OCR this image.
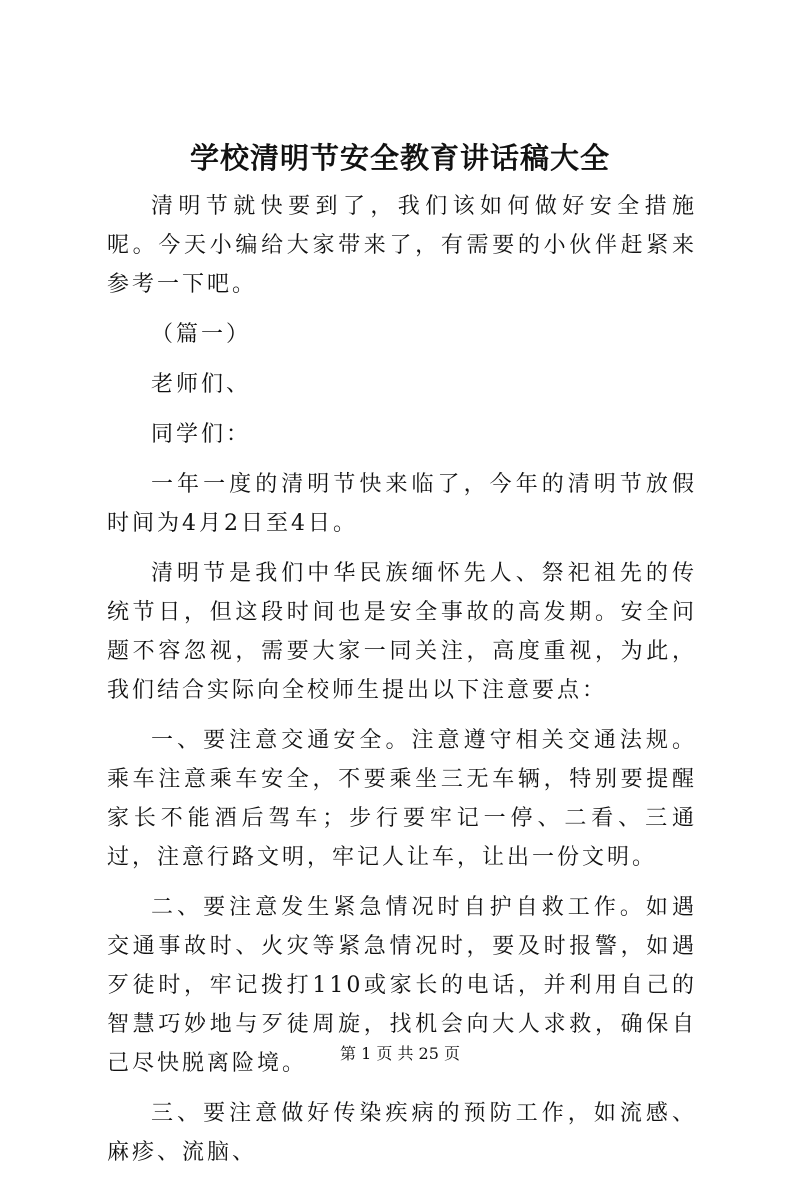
学校清明节安全教育讲话稿大全

清明节就快要到了，我们该如何做好安全措施呢。今天小编给大家带来了，有需要的小伙伴赶紧来参考一下吧。

（篇一）

老师们、

同学们：

一年一度的清明节快来临了，今年的清明节放假时间为4月2日至4日。

清明节是我们中华民族缅怀先人、祭祀祖先的传统节日，但这段时间也是安全事故的高发期。安全问题不容忽视，需要大家一同关注，高度重视，为此，我们结合实际向全校师生提出以下注意要点：

一、要注意交通安全。注意遵守相关交通法规。乘车注意乘车安全，不要乘坐三无车辆，特别要提醒家长不能酒后驾车；步行要牢记一停、二看、三通过，注意行路文明，牢记人让车，让出一份文明。

二、要注意发生紧急情况时自护自救工作。如遇交通事故时、火灾等紧急情况时，要及时报警，如遇歹徒时，牢记拨打110或家长的电话，并利用自己的智慧巧妙地与歹徒周旋，找机会向大人求救，确保自己尽快脱离险境。

三、要注意做好传染疾病的预防工作，如流感、麻疹、流脑、

第 1 页 共 25 页
